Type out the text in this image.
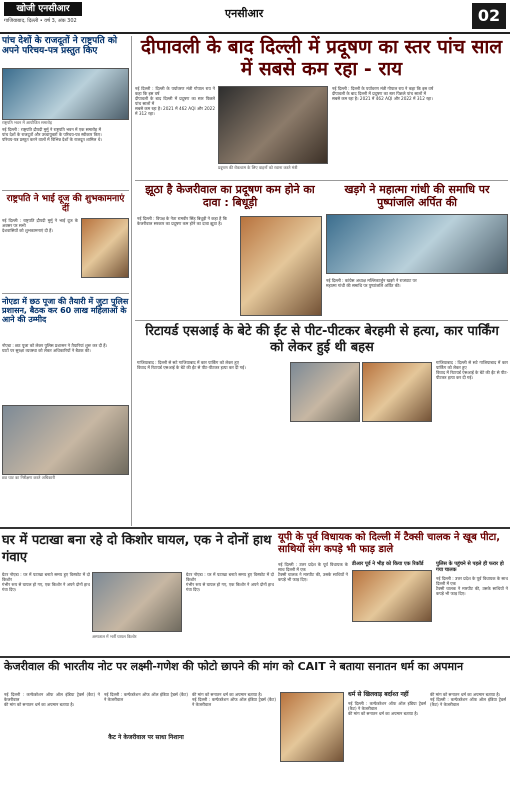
खोजी एनसीआर
गाजियाबाद, दिल्ली • वर्ष 3, अंक 302
एनसीआर	02
पांच देशों के राजदूतों ने राष्ट्रपति को अपने परिचय-पत्र प्रस्तुत किए
राष्ट्रपति भवन में आयोजित समारोह
नई दिल्ली : राष्ट्रपति द्रौपदी मुर्मु ने राष्ट्रपति भवन में एक समारोह में
पांच देशों के राजदूतों और उच्चायुक्तों के परिचय-पत्र स्वीकार किए।
परिचय-पत्र प्रस्तुत करने वालों में विभिन्न देशों के राजदूत शामिल थे।
राष्ट्रपति ने भाई दूज की शुभकामनाएं दीं
नई दिल्ली : राष्ट्रपति द्रौपदी मुर्मु ने भाई दूज के अवसर पर सभी
देशवासियों को शुभकामनाएं दी हैं।
नोएडा में छठ पूजा की तैयारी में जुटा पुलिस प्रशासन, बैठक कर 60 लाख महिलाओं के आने की उम्मीद
नोएडा : छठ पूजा को लेकर पुलिस प्रशासन ने तैयारियां शुरू कर दी हैं।
घाटों पर सुरक्षा व्यवस्था को लेकर अधिकारियों ने बैठक की।
छठ घाट का निरीक्षण करते अधिकारी
दीपावली के बाद दिल्ली में प्रदूषण का स्तर पांच साल में सबसे कम रहा - राय
नई दिल्ली : दिल्ली के पर्यावरण मंत्री गोपाल राय ने कहा कि इस वर्ष
दीपावली के बाद दिल्ली में प्रदूषण का स्तर पिछले पांच सालों में
सबसे कम रहा है। 2021 में 462 AQI और 2022 में 312 रहा।
प्रदूषण की रोकथाम के लिए वाहनों को रवाना करते मंत्री
नई दिल्ली : दिल्ली के पर्यावरण मंत्री गोपाल राय ने कहा कि इस वर्ष
दीपावली के बाद दिल्ली में प्रदूषण का स्तर पिछले पांच सालों में
सबसे कम रहा है। 2021 में 462 AQI और 2022 में 312 रहा।
झूठा है केजरीवाल का प्रदूषण कम होने का दावा : बिधूड़ी
नई दिल्ली : विपक्ष के नेता रामवीर सिंह बिधूड़ी ने कहा है कि
केजरीवाल सरकार का प्रदूषण कम होने का दावा झूठा है।
खड़गे ने महात्मा गांधी की समाधि पर पुष्पांजलि अर्पित की
नई दिल्ली : कांग्रेस अध्यक्ष मल्लिकार्जुन खड़गे ने राजघाट पर
महात्मा गांधी की समाधि पर पुष्पांजलि अर्पित की।
रिटायर्ड एसआई के बेटे की ईंट से पीट-पीटकर बेरहमी से हत्या, कार पार्किंग को लेकर हुई थी बहस
गाजियाबाद : दिल्ली से सटे गाजियाबाद में कार पार्किंग को लेकर हुए
विवाद में रिटायर्ड एसआई के बेटे की ईंट से पीट-पीटकर हत्या कर दी गई।
गाजियाबाद : दिल्ली से सटे गाजियाबाद में कार पार्किंग को लेकर हुए
विवाद में रिटायर्ड एसआई के बेटे की ईंट से पीट-पीटकर हत्या कर दी गई।
घर में पटाखा बना रहे दो किशोर घायल, एक ने दोनों हाथ गंवाए
ग्रेटर नोएडा : घर में पटाखा बनाते समय हुए विस्फोट में दो किशोर
गंभीर रूप से घायल हो गए, एक किशोर ने अपने दोनों हाथ गंवा दिए।
अस्पताल में भर्ती घायल किशोर
ग्रेटर नोएडा : घर में पटाखा बनाते समय हुए विस्फोट में दो किशोर
गंभीर रूप से घायल हो गए, एक किशोर ने अपने दोनों हाथ गंवा दिए।
यूपी के पूर्व विधायक को दिल्ली में टैक्सी चालक ने खूब पीटा, साथियों संग कपड़े भी फाड़ डाले
नई दिल्ली : उत्तर प्रदेश के पूर्व विधायक के साथ दिल्ली में एक
टैक्सी चालक ने मारपीट की, उसके साथियों ने कपड़े भी फाड़ दिए।
डीआर पूर्व ने भीड़ को किया एक रिकॉर्ड	पुलिस के पहुंचने से पहले ही फरार हो गया चालक
नई दिल्ली : उत्तर प्रदेश के पूर्व विधायक के साथ दिल्ली में एक
टैक्सी चालक ने मारपीट की, उसके साथियों ने कपड़े भी फाड़ दिए।
केजरीवाल की भारतीय नोट पर लक्ष्मी-गणेश की फोटो छापने की मांग को CAIT ने बताया सनातन धर्म का अपमान
नई दिल्ली : कन्फेडरेशन ऑफ ऑल इंडिया ट्रेडर्स (कैट) ने केजरीवाल
की मांग को सनातन धर्म का अपमान बताया है।
नई दिल्ली : कन्फेडरेशन ऑफ ऑल इंडिया ट्रेडर्स (कैट) ने केजरीवाल
कैट ने केजरीवाल पर साधा निशाना
की मांग को सनातन धर्म का अपमान बताया है।
नई दिल्ली : कन्फेडरेशन ऑफ ऑल इंडिया ट्रेडर्स (कैट) ने केजरीवाल
धर्म से खिलवाड़ बर्दाश्त नहीं
नई दिल्ली : कन्फेडरेशन ऑफ ऑल इंडिया ट्रेडर्स (कैट) ने केजरीवाल
की मांग को सनातन धर्म का अपमान बताया है।
की मांग को सनातन धर्म का अपमान बताया है।
नई दिल्ली : कन्फेडरेशन ऑफ ऑल इंडिया ट्रेडर्स (कैट) ने केजरीवाल
